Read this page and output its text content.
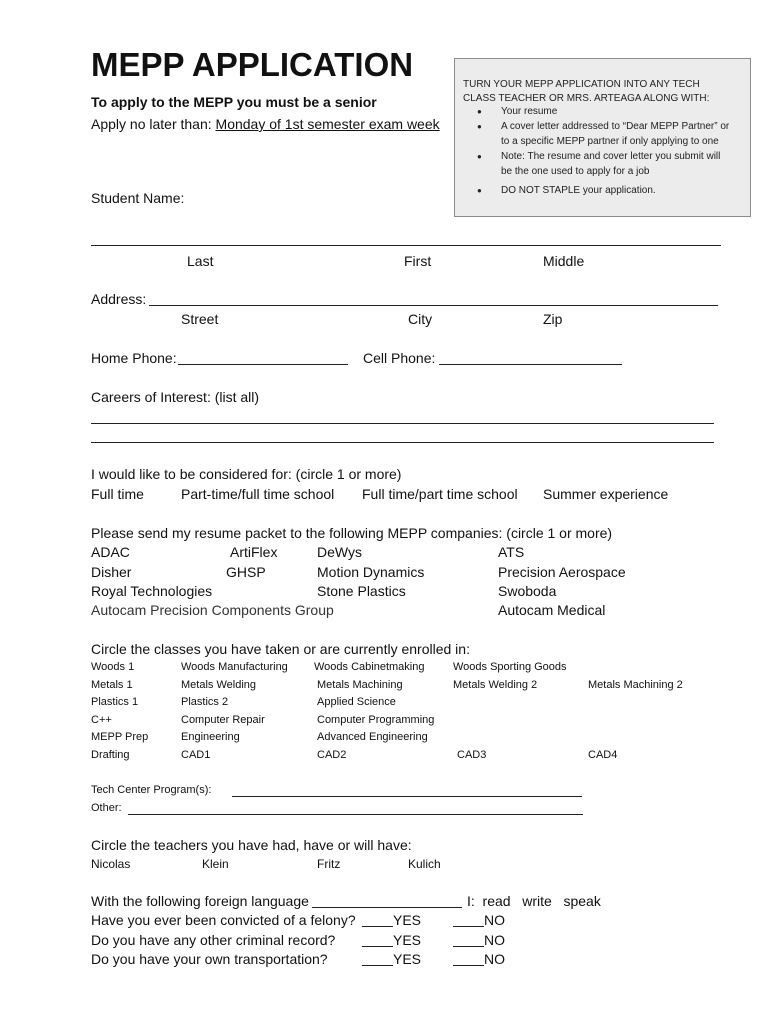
MEPP APPLICATION
To apply to the MEPP you must be a senior
Apply no later than: Monday of 1st semester exam week
TURN YOUR MEPP APPLICATION INTO ANY TECH
CLASS TEACHER OR MRS. ARTEAGA ALONG WITH:
● Your resume
● A cover letter addressed to “Dear MEPP Partner” or
to a specific MEPP partner if only applying to one
● Note: The resume and cover letter you submit will
be the one used to apply for a job
● DO NOT STAPLE your application.
Student Name:
Last	First	Middle
Address:
Street	City	Zip
Home Phone:	Cell Phone:
Careers of Interest: (list all)
I would like to be considered for: (circle 1 or more)
Full time	Part-time/full time school Full time/part time school Summer experience
Please send my resume packet to the following MEPP companies: (circle 1 or more)
ADAC	ArtiFlex	DeWys	ATS
Disher	GHSP	Motion Dynamics	Precision Aerospace
Royal Technologies	Stone Plastics	Swoboda
Autocam Precision Components Group	Autocam Medical
Circle the classes you have taken or are currently enrolled in:
Woods 1	Woods Manufacturing Woods Cabinetmaking	Woods Sporting Goods
Metals 1	Metals Welding	Metals Machining	Metals Welding 2	Metals Machining 2
Plastics 1	Plastics 2	Applied Science
C++	Computer Repair	Computer Programming
MEPP Prep	Engineering	Advanced Engineering
Drafting	CAD1	CAD2	CAD3	CAD4
Tech Center Program(s):
Other:
Circle the teachers you have had, have or will have:
Nicolas	Klein	Fritz	Kulich
With the following foreign language	I:  read   write   speak
Have you ever been convicted of a felony?	YES	NO
Do you have any other criminal record?	YES	NO
Do you have your own transportation?	YES	NO
